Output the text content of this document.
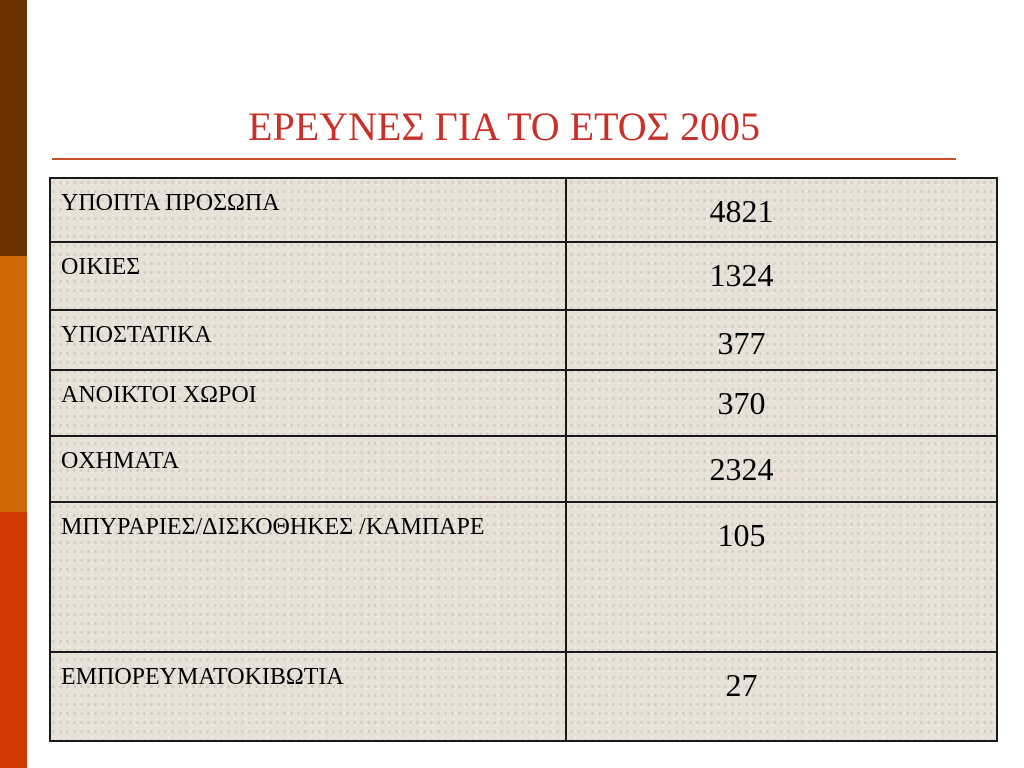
ΕΡΕΥΝΕΣ ΓΙΑ ΤΟ ΕΤΟΣ 2005
ΥΠΟΠΤΑ ΠΡΟΣΩΠΑ	4821
ΟΙΚΙΕΣ	1324
ΥΠΟΣΤΑΤΙΚΑ	377
ΑΝΟΙΚΤΟΙ ΧΩΡΟΙ	370
ΟΧΗΜΑΤΑ	2324
ΜΠΥΡΑΡΙΕΣ/ΔΙΣΚΟΘΗΚΕΣ /ΚΑΜΠΑΡΕ	105
ΕΜΠΟΡΕΥΜΑΤΟΚΙΒΩΤΙΑ	27
